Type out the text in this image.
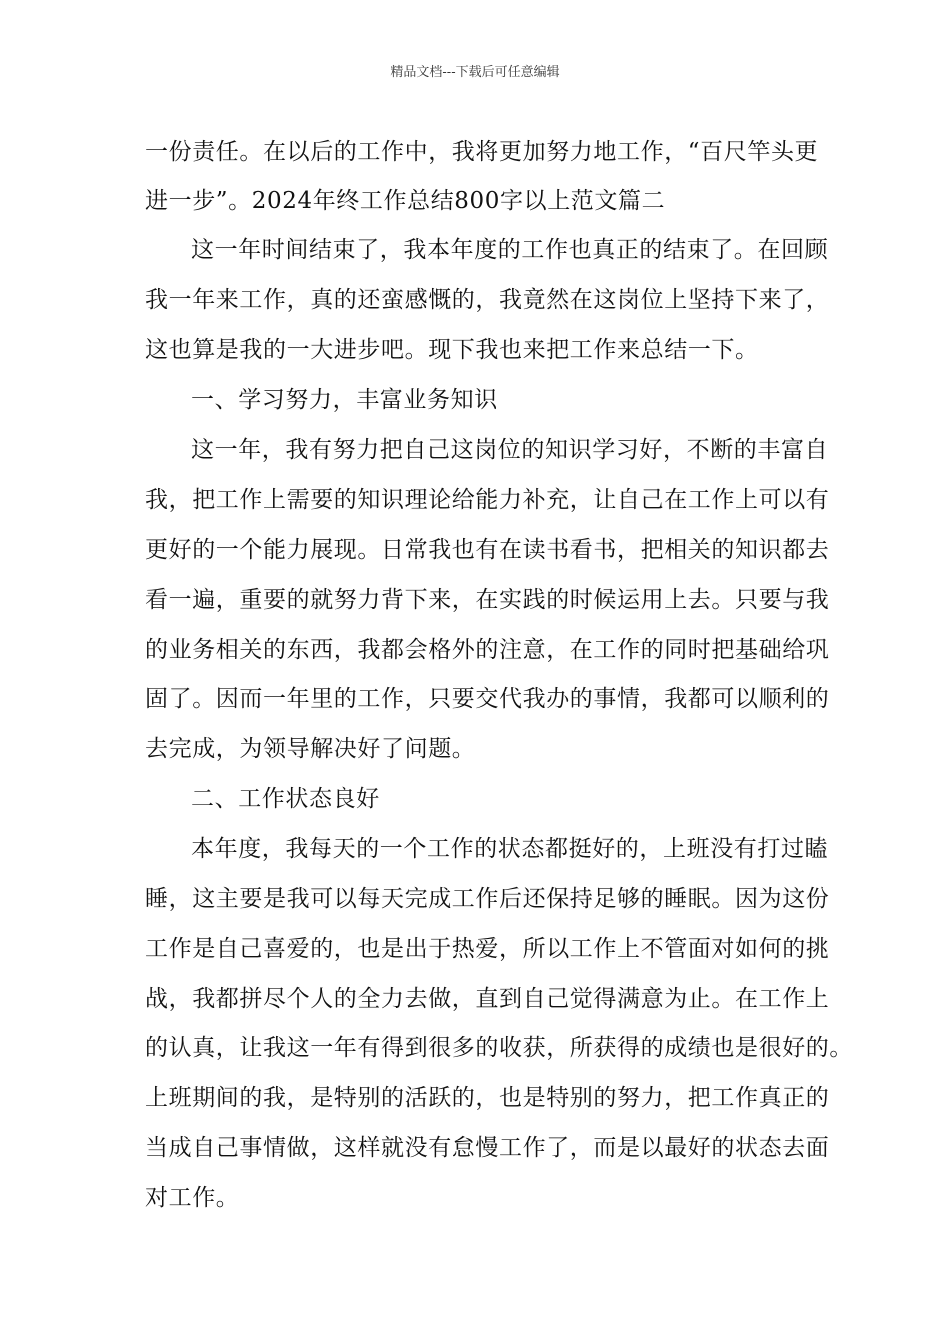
精品文档---下载后可任意编辑
一份责任。在以后的工作中，我将更加努力地工作，“百尺竿头更
进一步”。2024年终工作总结800字以上范文篇二
这一年时间结束了，我本年度的工作也真正的结束了。在回顾
我一年来工作，真的还蛮感慨的，我竟然在这岗位上坚持下来了，
这也算是我的一大进步吧。现下我也来把工作来总结一下。
一、学习努力，丰富业务知识
这一年，我有努力把自己这岗位的知识学习好，不断的丰富自
我，把工作上需要的知识理论给能力补充，让自己在工作上可以有
更好的一个能力展现。日常我也有在读书看书，把相关的知识都去
看一遍，重要的就努力背下来，在实践的时候运用上去。只要与我
的业务相关的东西，我都会格外的注意，在工作的同时把基础给巩
固了。因而一年里的工作，只要交代我办的事情，我都可以顺利的
去完成，为领导解决好了问题。
二、工作状态良好
本年度，我每天的一个工作的状态都挺好的，上班没有打过瞌
睡，这主要是我可以每天完成工作后还保持足够的睡眠。因为这份
工作是自己喜爱的，也是出于热爱，所以工作上不管面对如何的挑
战，我都拼尽个人的全力去做，直到自己觉得满意为止。在工作上
的认真，让我这一年有得到很多的收获，所获得的成绩也是很好的。
上班期间的我，是特别的活跃的，也是特别的努力，把工作真正的
当成自己事情做，这样就没有怠慢工作了，而是以最好的状态去面
对工作。
